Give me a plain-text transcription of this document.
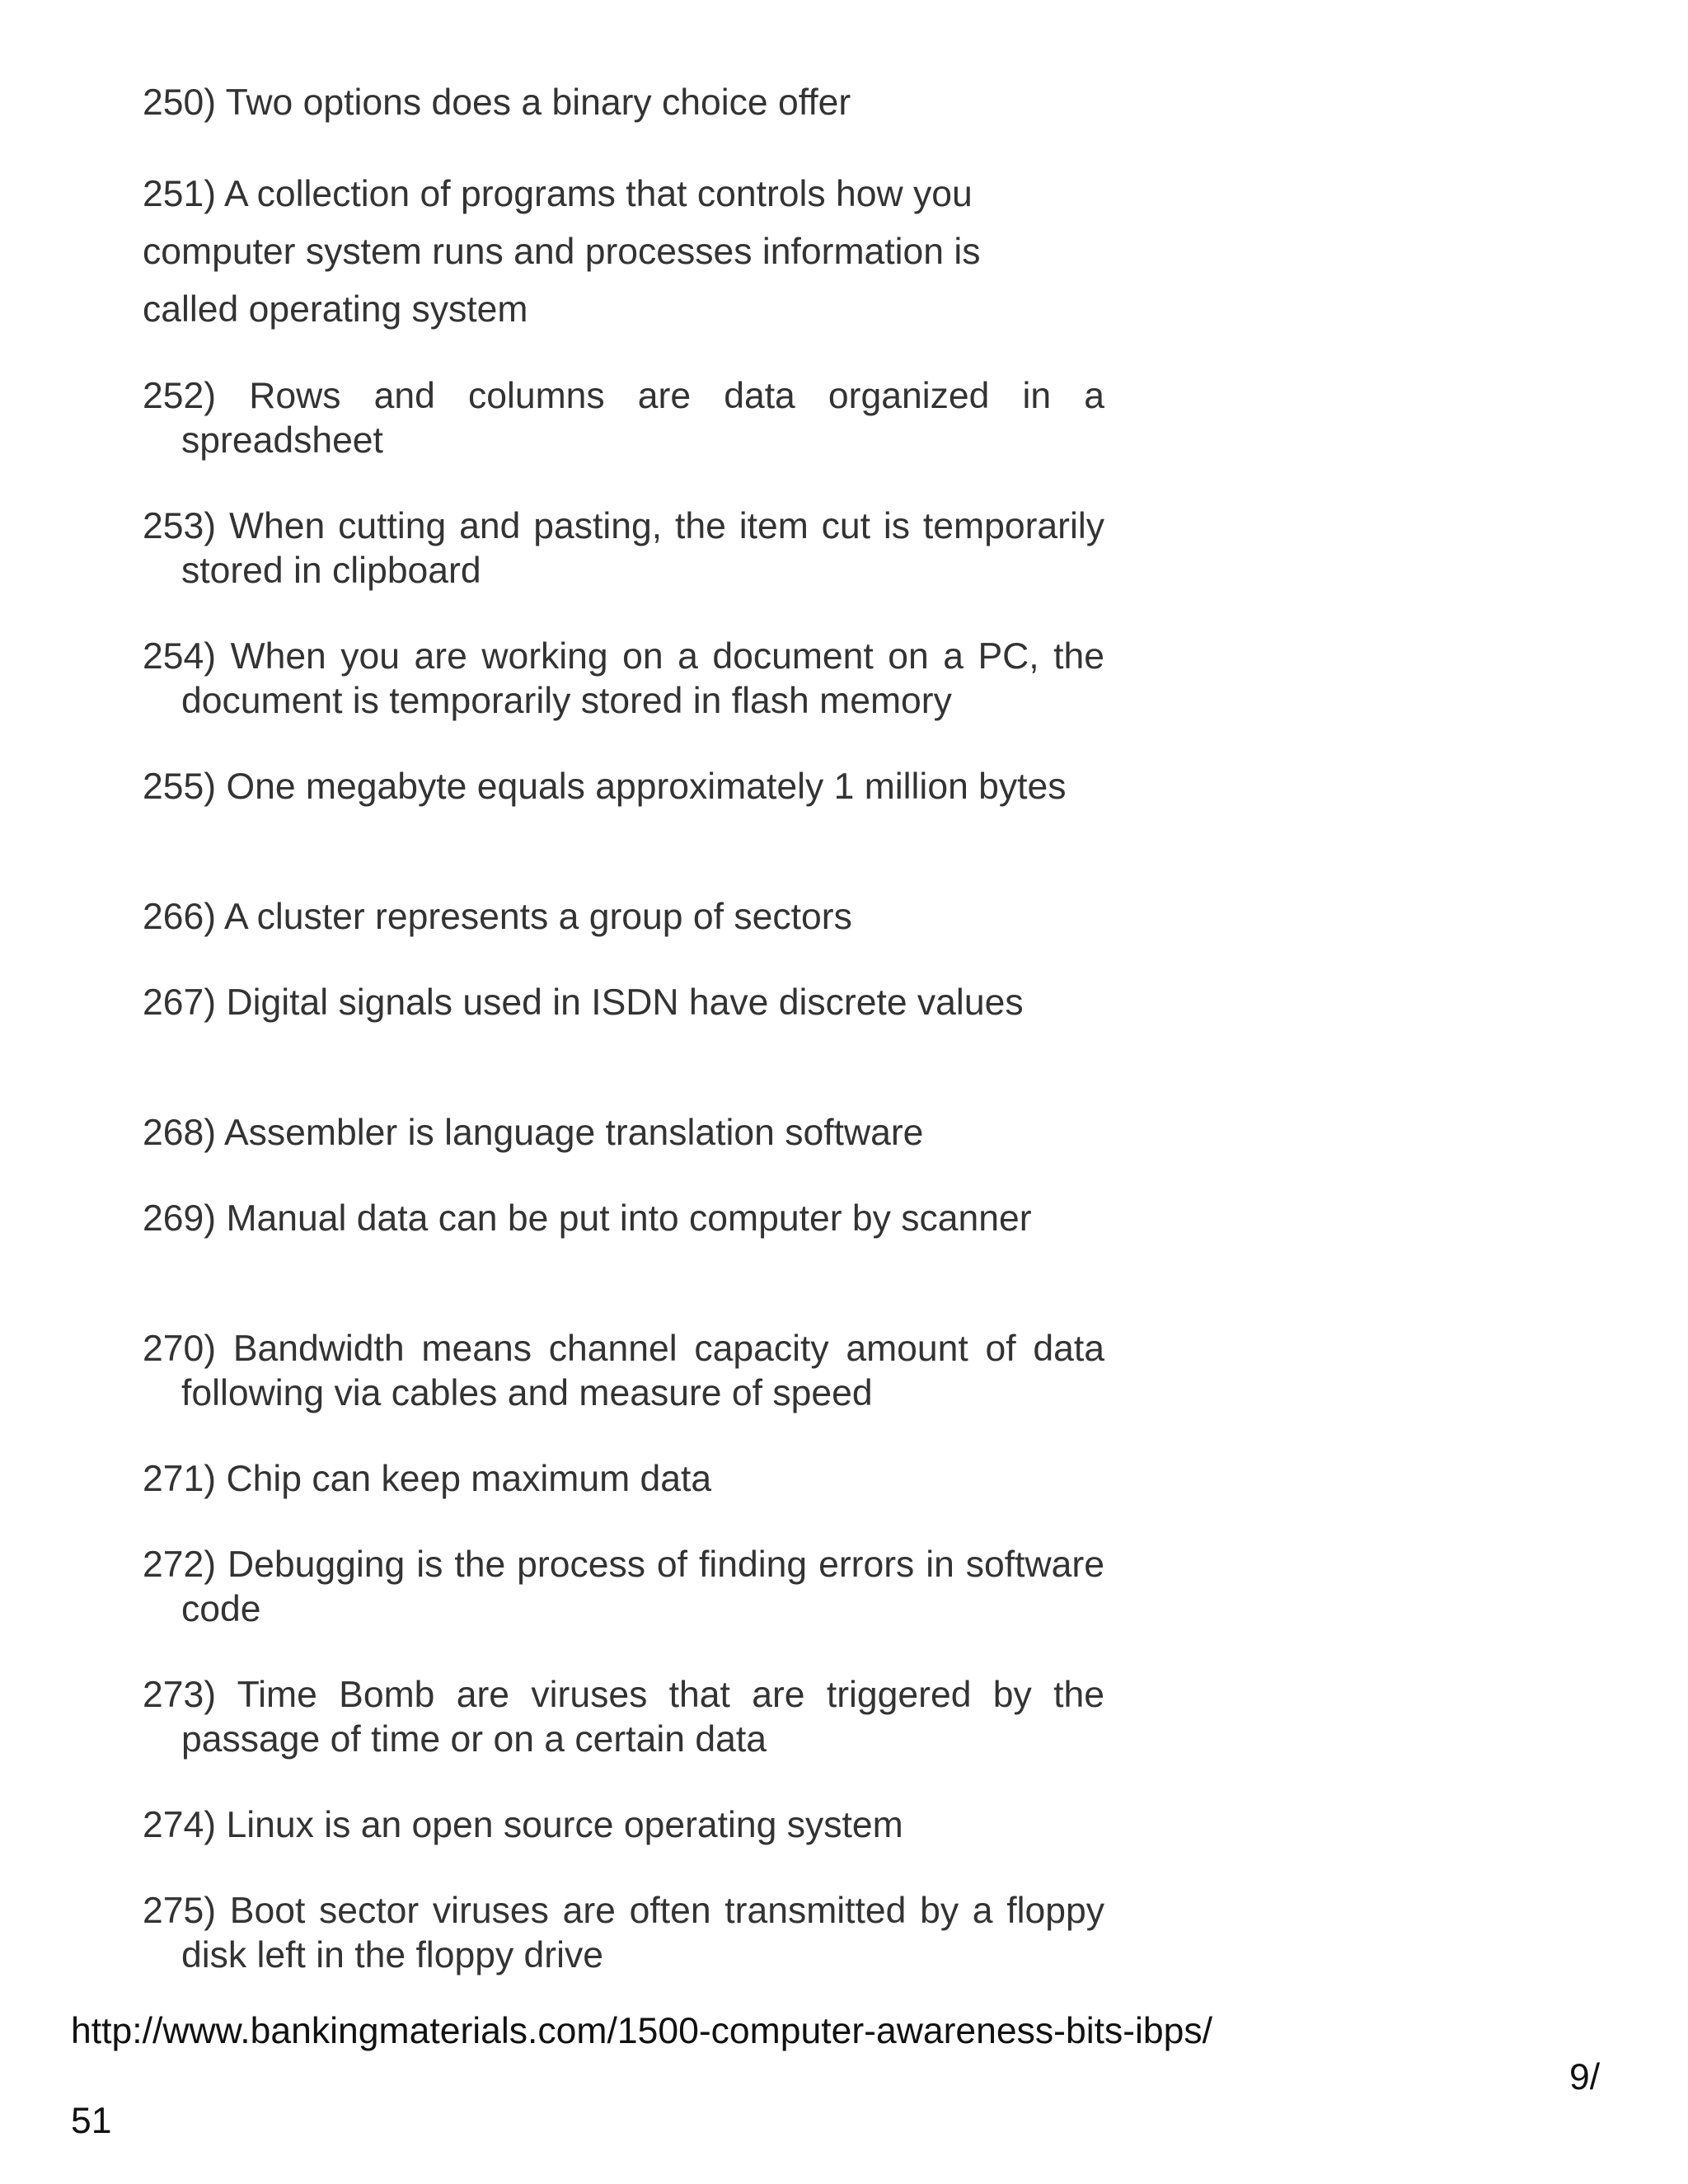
250) Two options does a binary choice offer

251) A collection of programs that controls how you computer system runs and processes information is called operating system

252) Rows and columns are data organized in a spreadsheet

253) When cutting and pasting, the item cut is temporarily stored in clipboard

254) When you are working on a document on a PC, the document is temporarily stored in flash memory

255) One megabyte equals approximately 1 million bytes

266) A cluster represents a group of sectors

267) Digital signals used in ISDN have discrete values

268) Assembler is language translation software

269) Manual data can be put into computer by scanner

270) Bandwidth means channel capacity amount of data following via cables and measure of speed

271) Chip can keep maximum data

272) Debugging is the process of finding errors in software code

273) Time Bomb are viruses that are triggered by the passage of time or on a certain data

274) Linux is an open source operating system

275) Boot sector viruses are often transmitted by a floppy disk left in the floppy drive

http://www.bankingmaterials.com/1500-computer-awareness-bits-ibps/
9/
51
